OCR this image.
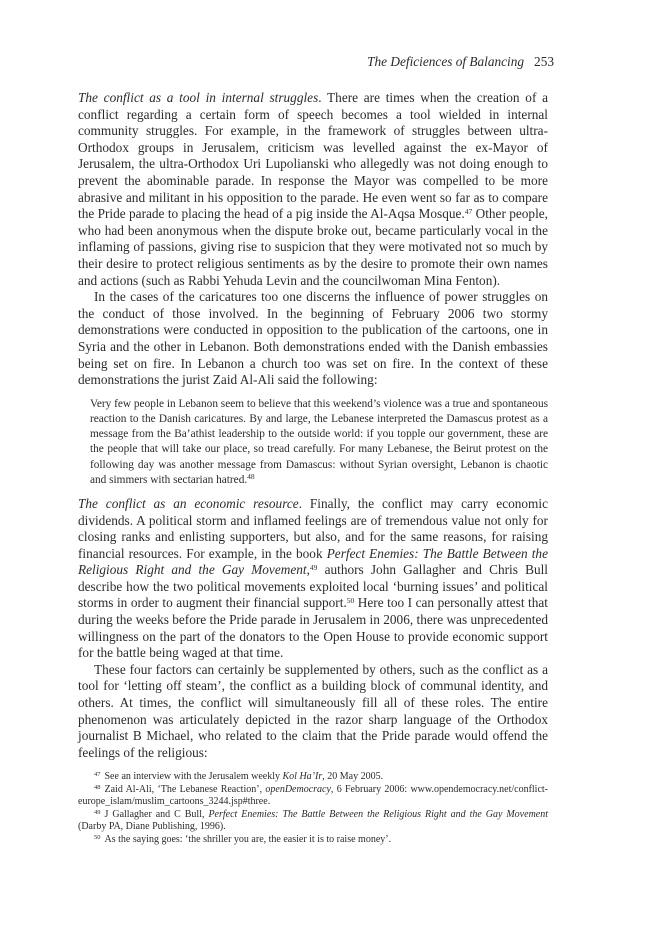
The Deficiences of Balancing 253

The conflict as a tool in internal struggles. There are times when the creation of a conflict regarding a certain form of speech becomes a tool wielded in internal community struggles. For example, in the framework of struggles between ultra-Orthodox groups in Jerusalem, criticism was levelled against the ex-Mayor of Jerusalem, the ultra-Orthodox Uri Lupolianski who allegedly was not doing enough to prevent the abominable parade. In response the Mayor was compelled to be more abrasive and militant in his opposition to the parade. He even went so far as to compare the Pride parade to placing the head of a pig inside the Al-Aqsa Mosque.$^{47}$ Other people, who had been anonymous when the dispute broke out, became particularly vocal in the inflaming of passions, giving rise to suspicion that they were motivated not so much by their desire to protect religious sentiments as by the desire to promote their own names and actions (such as Rabbi Yehuda Levin and the councilwoman Mina Fenton).

In the cases of the caricatures too one discerns the influence of power struggles on the conduct of those involved. In the beginning of February 2006 two stormy demonstrations were conducted in opposition to the publication of the cartoons, one in Syria and the other in Lebanon. Both demonstrations ended with the Danish embassies being set on fire. In Lebanon a church too was set on fire. In the context of these demonstrations the jurist Zaid Al-Ali said the following:

Very few people in Lebanon seem to believe that this weekend’s violence was a true and spontaneous reaction to the Danish caricatures. By and large, the Lebanese interpreted the Damascus protest as a message from the Ba’athist leadership to the outside world: if you topple our government, these are the people that will take our place, so tread carefully. For many Lebanese, the Beirut protest on the following day was another message from Damascus: without Syrian oversight, Lebanon is chaotic and simmers with sectarian hatred.$^{48}$

The conflict as an economic resource. Finally, the conflict may carry economic dividends. A political storm and inflamed feelings are of tremendous value not only for closing ranks and enlisting supporters, but also, and for the same reasons, for raising financial resources. For example, in the book Perfect Enemies: The Battle Between the Religious Right and the Gay Movement,$^{49}$ authors John Gallagher and Chris Bull describe how the two political movements exploited local ‘burning issues’ and political storms in order to augment their financial support.$^{50}$ Here too I can personally attest that during the weeks before the Pride parade in Jerusalem in 2006, there was unprecedented willingness on the part of the donators to the Open House to provide economic support for the battle being waged at that time.

These four factors can certainly be supplemented by others, such as the conflict as a tool for ‘letting off steam’, the conflict as a building block of communal identity, and others. At times, the conflict will simultaneously fill all of these roles. The entire phenomenon was articulately depicted in the razor sharp language of the Orthodox journalist B Michael, who related to the claim that the Pride parade would offend the feelings of the religious:

$^{47}$ See an interview with the Jerusalem weekly Kol Ha’Ir, 20 May 2005.

$^{48}$ Zaid Al-Ali, ‘The Lebanese Reaction’, openDemocracy, 6 February 2006: www.opendemocracy.net/conflict-europe_islam/muslim_cartoons_3244.jsp#three.

$^{49}$ J Gallagher and C Bull, Perfect Enemies: The Battle Between the Religious Right and the Gay Movement (Darby PA, Diane Publishing, 1996).

$^{50}$ As the saying goes: ‘the shriller you are, the easier it is to raise money’.
